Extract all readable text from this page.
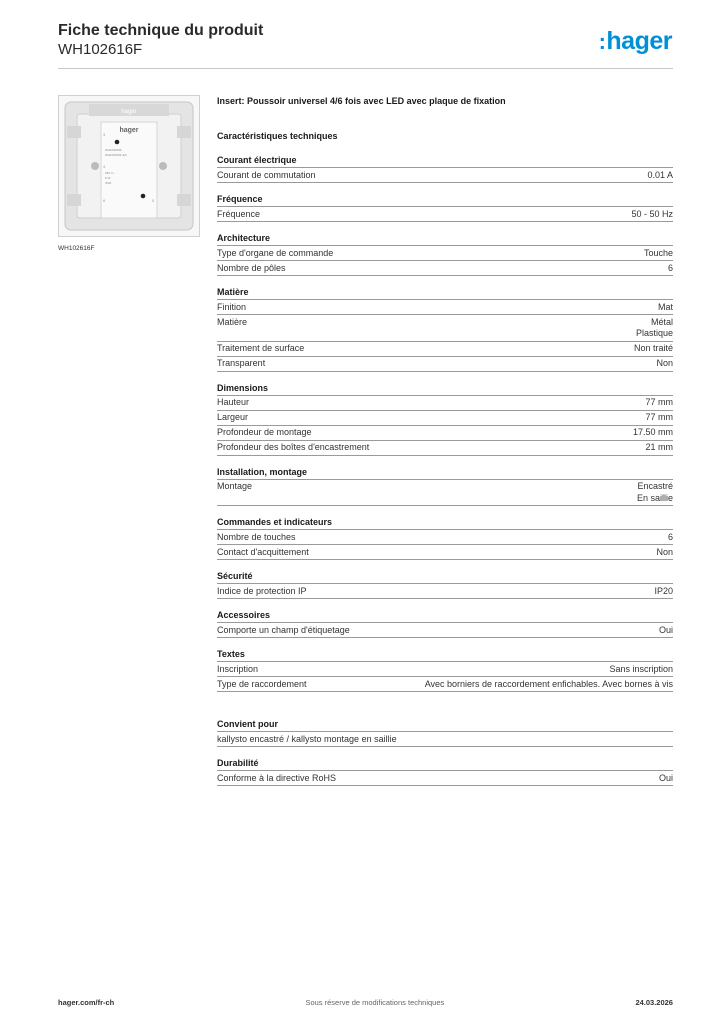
Fiche technique du produit
WH102616F	:hager
hager
hager
WH102616F
WH102616F-EX
250 V~
6 W
IP20
3
4
6	5
WH102616F
Insert: Poussoir universel 4/6 fois avec LED avec plaque de fixation
Caractéristiques techniques
Courant électrique
Courant de commutation	0.01 A
Fréquence
Fréquence	50 - 50 Hz
Architecture
Type d'organe de commande	Touche
Nombre de pôles	6
Matière
Finition	Mat
Matière	Métal
Plastique
Traitement de surface	Non traité
Transparent	Non
Dimensions
Hauteur	77 mm
Largeur	77 mm
Profondeur de montage	17.50 mm
Profondeur des boîtes d'encastrement	21 mm
Installation, montage
Montage	Encastré
En saillie
Commandes et indicateurs
Nombre de touches	6
Contact d'acquittement	Non
Sécurité
Indice de protection IP	IP20
Accessoires
Comporte un champ d'étiquetage	Oui
Textes
Inscription	Sans inscription
Type de raccordement	Avec borniers de raccordement enfichables. Avec bornes à vis
Convient pour
kallysto encastré / kallysto montage en saillie
Durabilité
Conforme à la directive RoHS	Oui
hager.com/fr-ch	Sous réserve de modifications techniques	24.03.2026
